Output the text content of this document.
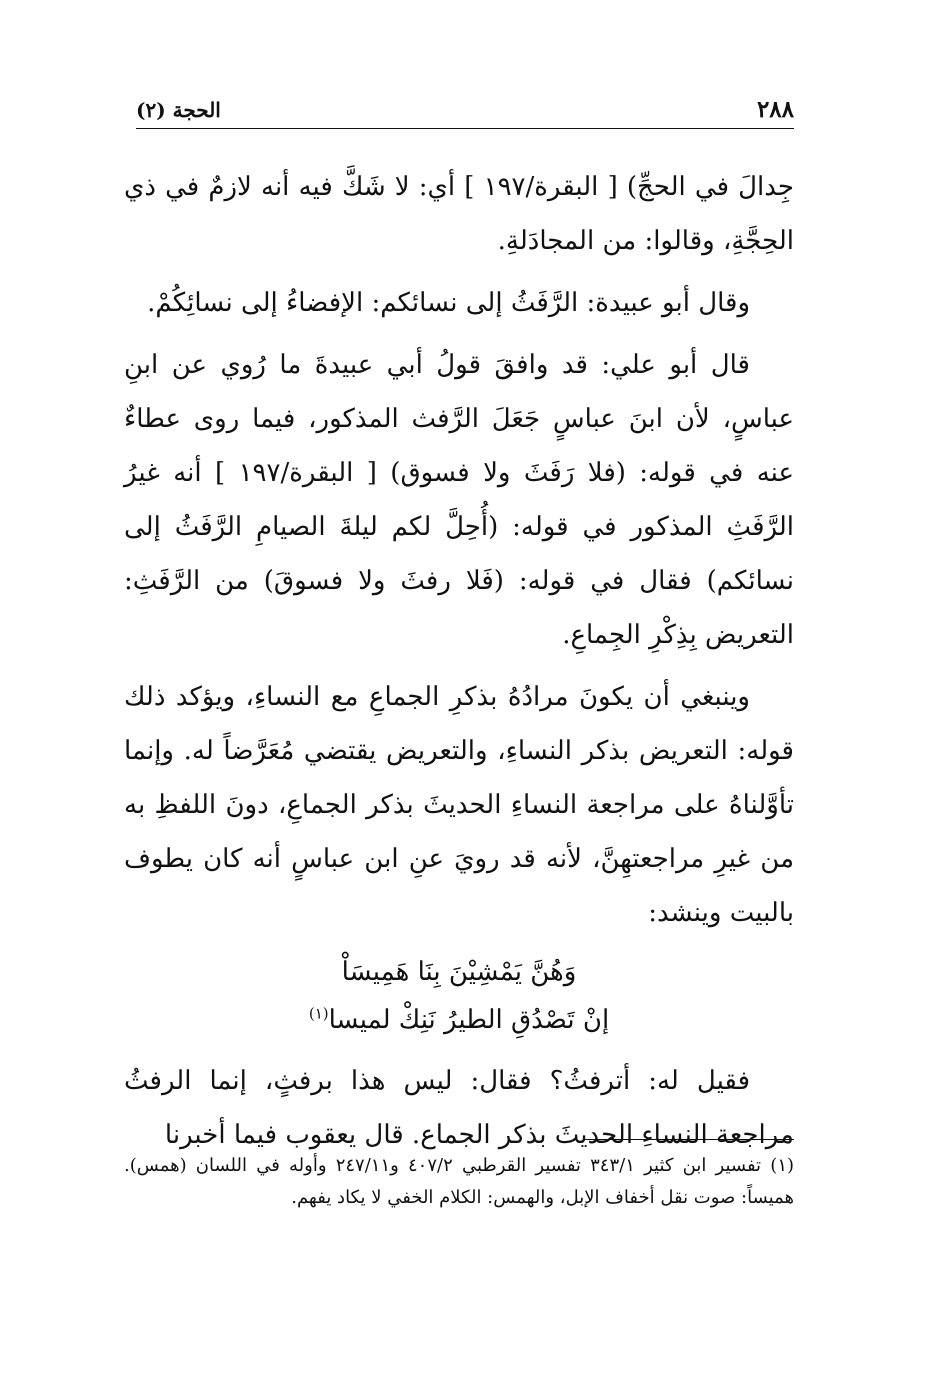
٢٨٨
الحجة (٢)

جِدالَ في الحجِّ) [ البقرة/١٩٧ ] أي: لا شَكَّ فيه أنه لازمٌ في ذي الحِجَّةِ، وقالوا: من المجادَلةِ.

وقال أبو عبيدة: الرَّفَثُ إلى نسائكم: الإفضاءُ إلى نسائِكُمْ.

قال أبو علي: قد وافقَ قولُ أبي عبيدةَ ما رُوي عن ابنِ عباسٍ، لأن ابنَ عباسٍ جَعَلَ الرَّفث المذكور، فيما روى عطاءٌ عنه في قوله: (فلا رَفَثَ ولا فسوق) [ البقرة/١٩٧ ] أنه غيرُ الرَّفَثِ المذكور في قوله: (أُحِلَّ لكم ليلةَ الصيامِ الرَّفَثُ إلى نسائكم) فقال في قوله: (فَلا رفثَ ولا فسوقَ) من الرَّفَثِ: التعريض بِذِكْرِ الجِماعِ.

وينبغي أن يكونَ مرادُهُ بذكرِ الجماعِ مع النساءِ، ويؤكد ذلك قوله: التعريض بذكر النساءِ، والتعريض يقتضي مُعَرَّضاً له. وإنما تأوَّلناهُ على مراجعة النساءِ الحديثَ بذكر الجماعِ، دونَ اللفظِ به من غيرِ مراجعتهِنَّ، لأنه قد رويَ عنِ ابن عباسٍ أنه كان يطوف بالبيت وينشد:

وَهُنَّ يَمْشِيْنَ بِنَا هَمِيسَاْ
إنْ تَصْدُقِ الطيرُ نَنِكْ لميسا$^{(١)}$

فقيل له: أترفثُ؟ فقال: ليس هذا برفثٍ، إنما الرفثُ مراجعة النساءِ الحديثَ بذكر الجماع. قال يعقوب فيما أخبرنا

(١) تفسير ابن كثير ٣٤٣/١ تفسير القرطبي ٤٠٧/٢ و٢٤٧/١١ وأوله في اللسان (همس). هميساً: صوت نقل أخفاف الإبل، والهمس: الكلام الخفي لا يكاد يفهم.
